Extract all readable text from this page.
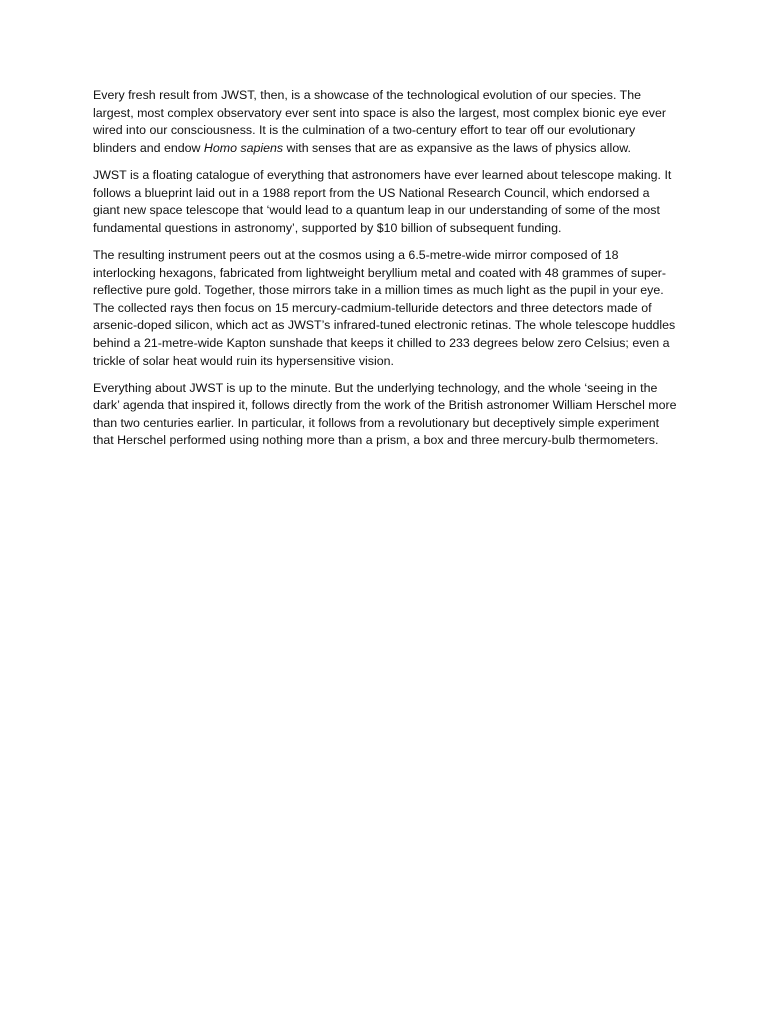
Every fresh result from JWST, then, is a showcase of the technological evolution of our species. The largest, most complex observatory ever sent into space is also the largest, most complex bionic eye ever wired into our consciousness. It is the culmination of a two-century effort to tear off our evolutionary blinders and endow Homo sapiens with senses that are as expansive as the laws of physics allow.

JWST is a floating catalogue of everything that astronomers have ever learned about telescope making. It follows a blueprint laid out in a 1988 report from the US National Research Council, which endorsed a giant new space telescope that ‘would lead to a quantum leap in our understanding of some of the most fundamental questions in astronomy’, supported by $10 billion of subsequent funding.

The resulting instrument peers out at the cosmos using a 6.5-metre-wide mirror composed of 18 interlocking hexagons, fabricated from lightweight beryllium metal and coated with 48 grammes of super-reflective pure gold. Together, those mirrors take in a million times as much light as the pupil in your eye. The collected rays then focus on 15 mercury-cadmium-telluride detectors and three detectors made of arsenic-doped silicon, which act as JWST’s infrared-tuned electronic retinas. The whole telescope huddles behind a 21-metre-wide Kapton sunshade that keeps it chilled to 233 degrees below zero Celsius; even a trickle of solar heat would ruin its hypersensitive vision.

Everything about JWST is up to the minute. But the underlying technology, and the whole ‘seeing in the dark’ agenda that inspired it, follows directly from the work of the British astronomer William Herschel more than two centuries earlier. In particular, it follows from a revolutionary but deceptively simple experiment that Herschel performed using nothing more than a prism, a box and three mercury-bulb thermometers.
